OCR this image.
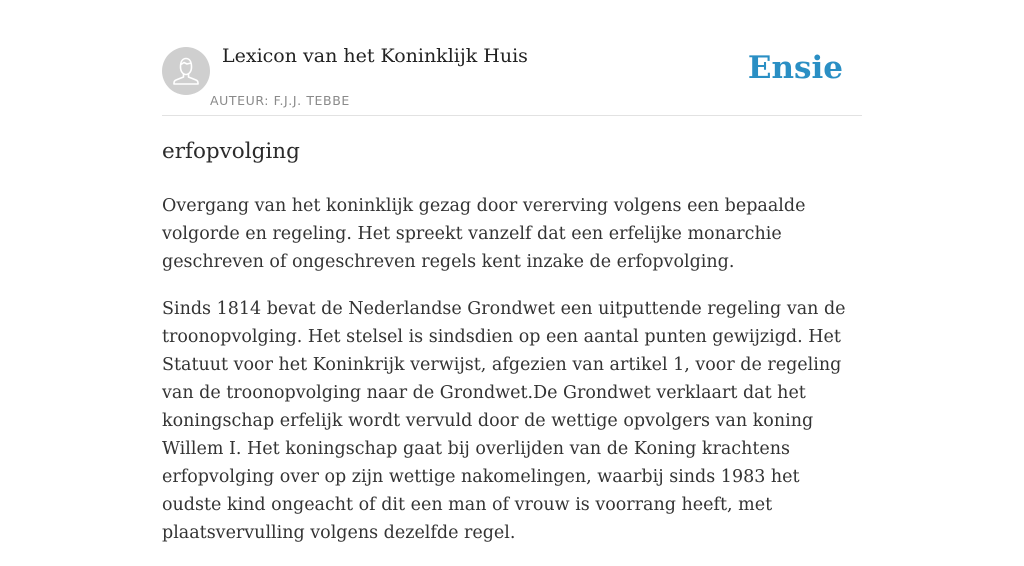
Lexicon van het Koninklijk Huis
AUTEUR: F.J.J. TEBBE
Ensie
erfopvolging

Overgang van het koninklijk gezag door vererving volgens een bepaalde volgorde en regeling. Het spreekt vanzelf dat een erfelijke monarchie geschreven of ongeschreven regels kent inzake de erfopvolging.

Sinds 1814 bevat de Nederlandse Grondwet een uitputtende regeling van de troonopvolging. Het stelsel is sindsdien op een aantal punten gewijzigd. Het Statuut voor het Koninkrijk verwijst, afgezien van artikel 1, voor de regeling van de troonopvolging naar de Grondwet.De Grondwet verklaart dat het koningschap erfelijk wordt vervuld door de wettige opvolgers van koning Willem I. Het koningschap gaat bij overlijden van de Koning krachtens erfopvolging over op zijn wettige nakomelingen, waarbij sinds 1983 het oudste kind ongeacht of dit een man of vrouw is voorrang heeft, met plaatsvervulling volgens dezelfde regel.
